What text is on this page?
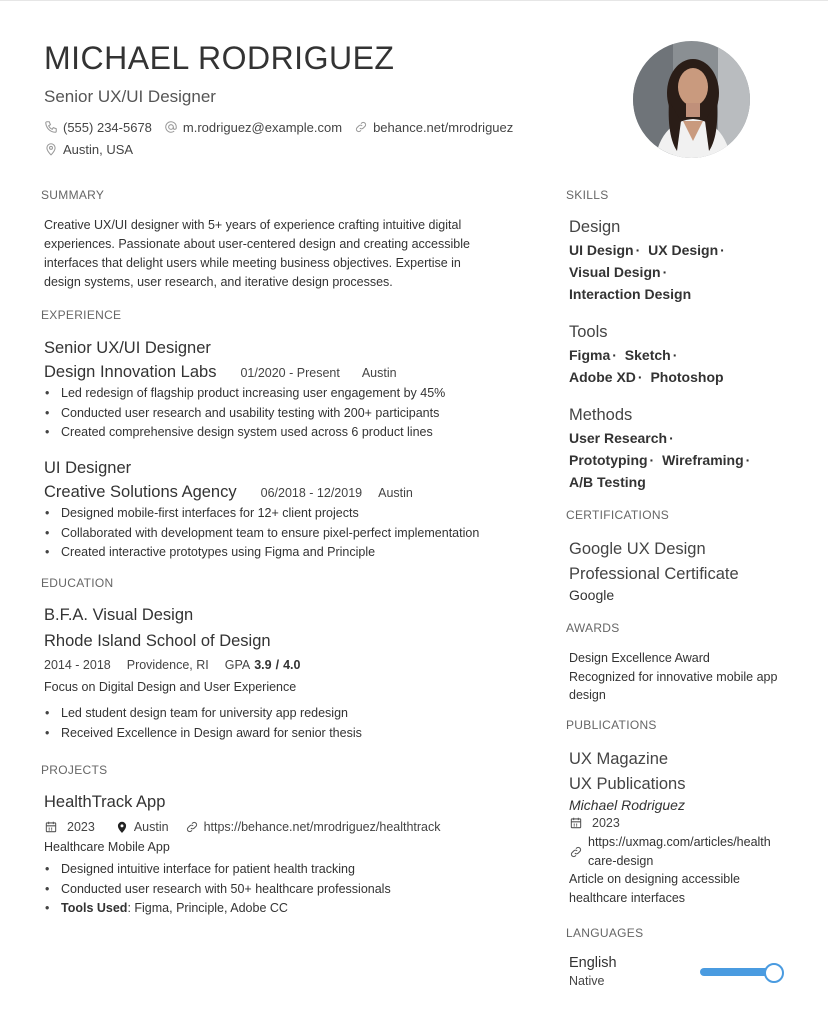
MICHAEL RODRIGUEZ
Senior UX/UI Designer
(555) 234-5678 m.rodriguez@example.com behance.net/mrodriguez
Austin, USA
SUMMARY
Creative UX/UI designer with 5+ years of experience crafting intuitive digital experiences. Passionate about user-centered design and creating accessible interfaces that delight users while meeting business objectives. Expertise in design systems, user research, and iterative design processes.
EXPERIENCE
Senior UX/UI Designer
Design Innovation Labs 01/2020 - Present Austin
• Led redesign of flagship product increasing user engagement by 45%
• Conducted user research and usability testing with 200+ participants
• Created comprehensive design system used across 6 product lines
UI Designer
Creative Solutions Agency 06/2018 - 12/2019 Austin
• Designed mobile-first interfaces for 12+ client projects
• Collaborated with development team to ensure pixel-perfect implementation
• Created interactive prototypes using Figma and Principle
EDUCATION
B.F.A. Visual Design
Rhode Island School of Design
2014 - 2018 Providence, RI GPA 3.9 / 4.0
Focus on Digital Design and User Experience
• Led student design team for university app redesign
• Received Excellence in Design award for senior thesis
PROJECTS
HealthTrack App
2023	Austin	https://behance.net/mrodriguez/healthtrack
Healthcare Mobile App
• Designed intuitive interface for patient health tracking
• Conducted user research with 50+ healthcare professionals
• Tools Used: Figma, Principle, Adobe CC
SKILLS
Design
UI Design · UX Design ·
Visual Design ·
Interaction Design
Tools
Figma · Sketch ·
Adobe XD · Photoshop
Methods
User Research ·
Prototyping · Wireframing ·
A/B Testing
CERTIFICATIONS
Google UX Design
Professional Certificate
Google
AWARDS
Design Excellence Award
Recognized for innovative mobile app
design
PUBLICATIONS
UX Magazine
UX Publications
Michael Rodriguez
2023
https://uxmag.com/articles/health
care-design
Article on designing accessible
healthcare interfaces
LANGUAGES
English
Native
